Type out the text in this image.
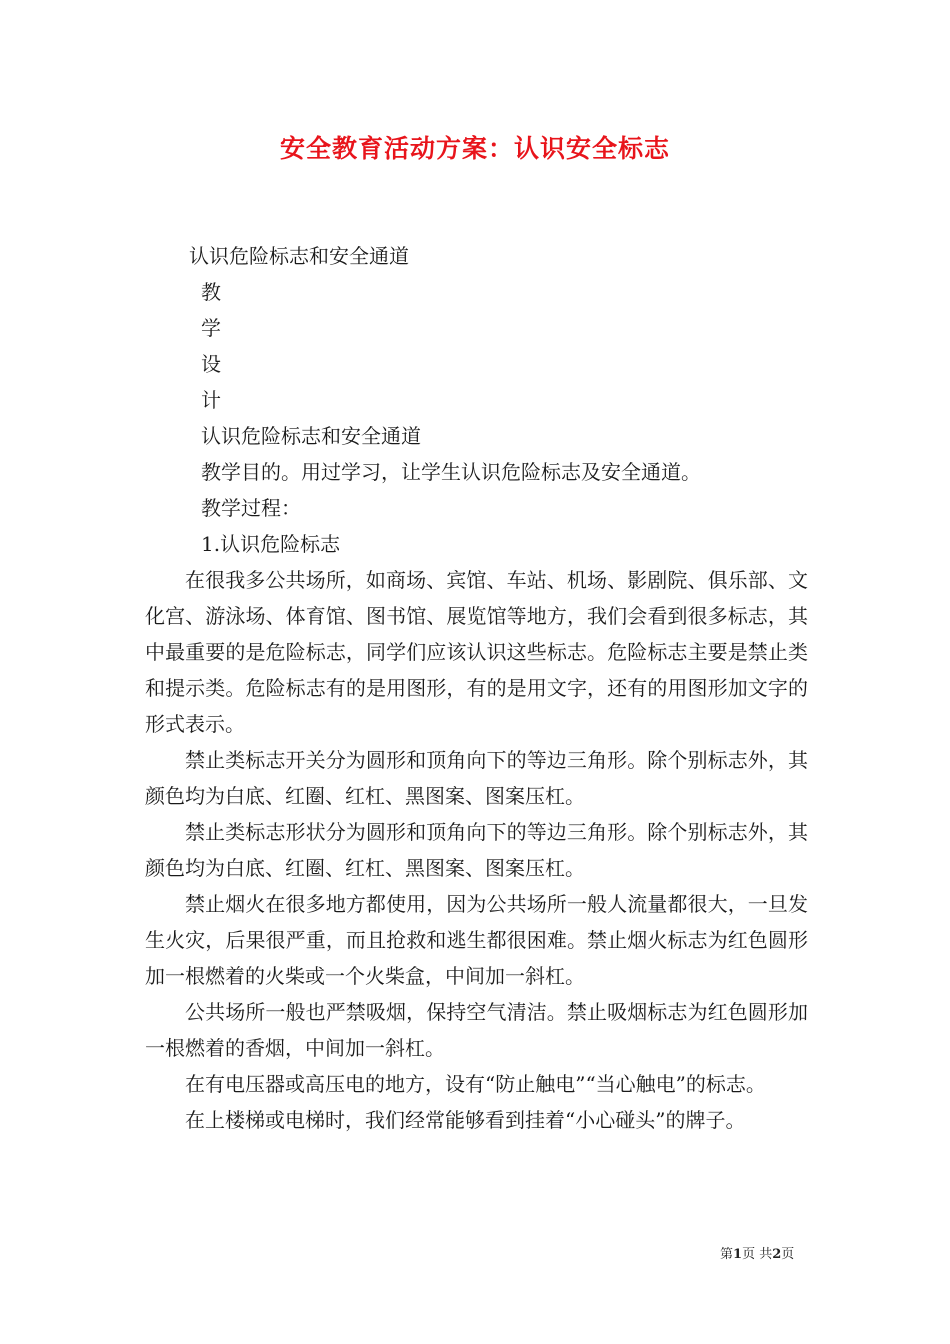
安全教育活动方案：认识安全标志
认识危险标志和安全通道
教
学
设
计
认识危险标志和安全通道
教学目的。用过学习，让学生认识危险标志及安全通道。
教学过程：
1.认识危险标志

在很我多公共场所，如商场、宾馆、车站、机场、影剧院、俱乐部、文化宫、游泳场、体育馆、图书馆、展览馆等地方，我们会看到很多标志，其中最重要的是危险标志，同学们应该认识这些标志。危险标志主要是禁止类和提示类。危险标志有的是用图形，有的是用文字，还有的用图形加文字的形式表示。

禁止类标志开关分为圆形和顶角向下的等边三角形。除个别标志外，其颜色均为白底、红圈、红杠、黑图案、图案压杠。

禁止类标志形状分为圆形和顶角向下的等边三角形。除个别标志外，其颜色均为白底、红圈、红杠、黑图案、图案压杠。

禁止烟火在很多地方都使用，因为公共场所一般人流量都很大，一旦发生火灾，后果很严重，而且抢救和逃生都很困难。禁止烟火标志为红色圆形加一根燃着的火柴或一个火柴盒，中间加一斜杠。

公共场所一般也严禁吸烟，保持空气清洁。禁止吸烟标志为红色圆形加一根燃着的香烟，中间加一斜杠。

在有电压器或高压电的地方，设有“防止触电”“当心触电”的标志。

在上楼梯或电梯时，我们经常能够看到挂着“小心碰头”的牌子。

第1页 共2页
